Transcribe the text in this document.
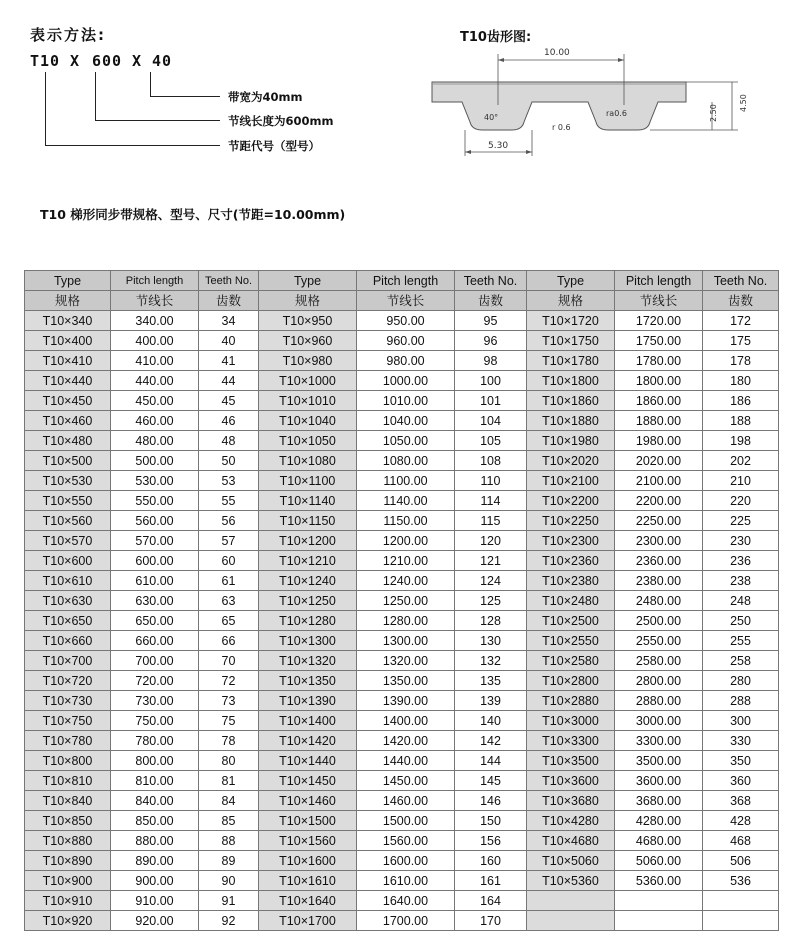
表示方法:
T10 X 600 X 40
带宽为40mm
节线长度为600mm
节距代号（型号）
T10齿形图:
10.00
40°
5.30
ra0.6
r 0.6
2.50
4.50
T10 梯形同步带规格、型号、尺寸(节距=10.00mm)
Type	Pitch length	Teeth No.	Type	Pitch length	Teeth No.	Type	Pitch length	Teeth No.
规格	节线长	齿数	规格	节线长	齿数	规格	节线长	齿数
T10×340	340.00	34	T10×950	950.00	95	T10×1720	1720.00	172
T10×400	400.00	40	T10×960	960.00	96	T10×1750	1750.00	175
T10×410	410.00	41	T10×980	980.00	98	T10×1780	1780.00	178
T10×440	440.00	44	T10×1000	1000.00	100	T10×1800	1800.00	180
T10×450	450.00	45	T10×1010	1010.00	101	T10×1860	1860.00	186
T10×460	460.00	46	T10×1040	1040.00	104	T10×1880	1880.00	188
T10×480	480.00	48	T10×1050	1050.00	105	T10×1980	1980.00	198
T10×500	500.00	50	T10×1080	1080.00	108	T10×2020	2020.00	202
T10×530	530.00	53	T10×1100	1100.00	110	T10×2100	2100.00	210
T10×550	550.00	55	T10×1140	1140.00	114	T10×2200	2200.00	220
T10×560	560.00	56	T10×1150	1150.00	115	T10×2250	2250.00	225
T10×570	570.00	57	T10×1200	1200.00	120	T10×2300	2300.00	230
T10×600	600.00	60	T10×1210	1210.00	121	T10×2360	2360.00	236
T10×610	610.00	61	T10×1240	1240.00	124	T10×2380	2380.00	238
T10×630	630.00	63	T10×1250	1250.00	125	T10×2480	2480.00	248
T10×650	650.00	65	T10×1280	1280.00	128	T10×2500	2500.00	250
T10×660	660.00	66	T10×1300	1300.00	130	T10×2550	2550.00	255
T10×700	700.00	70	T10×1320	1320.00	132	T10×2580	2580.00	258
T10×720	720.00	72	T10×1350	1350.00	135	T10×2800	2800.00	280
T10×730	730.00	73	T10×1390	1390.00	139	T10×2880	2880.00	288
T10×750	750.00	75	T10×1400	1400.00	140	T10×3000	3000.00	300
T10×780	780.00	78	T10×1420	1420.00	142	T10×3300	3300.00	330
T10×800	800.00	80	T10×1440	1440.00	144	T10×3500	3500.00	350
T10×810	810.00	81	T10×1450	1450.00	145	T10×3600	3600.00	360
T10×840	840.00	84	T10×1460	1460.00	146	T10×3680	3680.00	368
T10×850	850.00	85	T10×1500	1500.00	150	T10×4280	4280.00	428
T10×880	880.00	88	T10×1560	1560.00	156	T10×4680	4680.00	468
T10×890	890.00	89	T10×1600	1600.00	160	T10×5060	5060.00	506
T10×900	900.00	90	T10×1610	1610.00	161	T10×5360	5360.00	536
T10×910	910.00	91	T10×1640	1640.00	164			
T10×920	920.00	92	T10×1700	1700.00	170			
